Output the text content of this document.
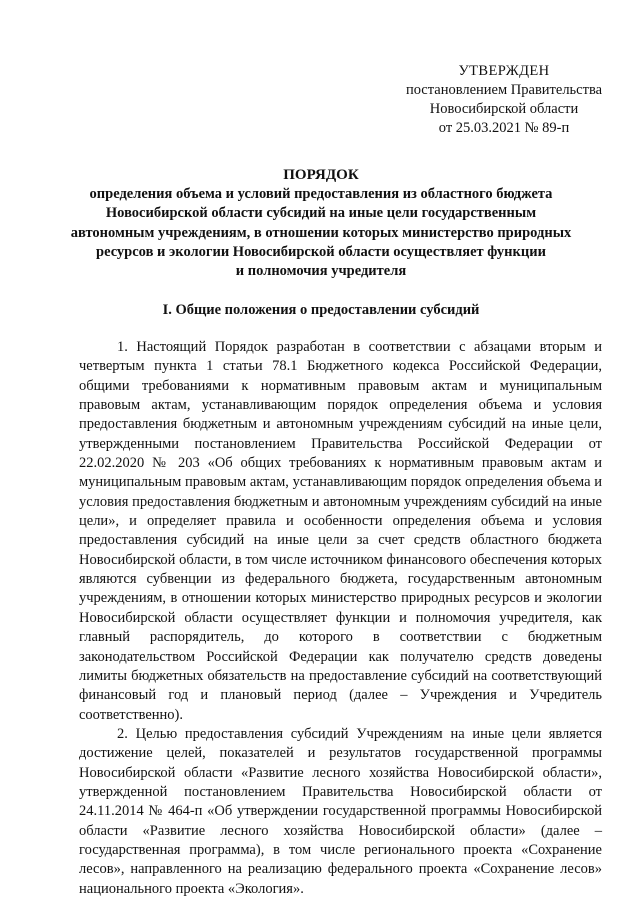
УТВЕРЖДЕН
постановлением Правительства
Новосибирской области
от 25.03.2021 № 89-п
ПОРЯДОК
определения объема и условий предоставления из областного бюджета
Новосибирской области субсидий на иные цели государственным
автономным учреждениям, в отношении которых министерство природных
ресурсов и экологии Новосибирской области осуществляет функции
и полномочия учредителя
I. Общие положения о предоставлении субсидий

1. Настоящий Порядок разработан в соответствии с абзацами вторым и четвертым пункта 1 статьи 78.1 Бюджетного кодекса Российской Федерации, общими требованиями к нормативным правовым актам и муниципальным правовым актам, устанавливающим порядок определения объема и условия предоставления бюджетным и автономным учреждениям субсидий на иные цели, утвержденными постановлением Правительства Российской Федерации от 22.02.2020 № 203 «Об общих требованиях к нормативным правовым актам и муниципальным правовым актам, устанавливающим порядок определения объема и условия предоставления бюджетным и автономным учреждениям субсидий на иные цели», и определяет правила и особенности определения объема и условия предоставления субсидий на иные цели за счет средств областного бюджета Новосибирской области, в том числе источником финансового обеспечения которых являются субвенции из федерального бюджета, государственным автономным учреждениям, в отношении которых министерство природных ресурсов и экологии Новосибирской области осуществляет функции и полномочия учредителя, как главный распорядитель, до которого в соответствии с бюджетным законодательством Российской Федерации как получателю средств доведены лимиты бюджетных обязательств на предоставление субсидий на соответствующий финансовый год и плановый период (далее – Учреждения и Учредитель соответственно).

2. Целью предоставления субсидий Учреждениям на иные цели является достижение целей, показателей и результатов государственной программы Новосибирской области «Развитие лесного хозяйства Новосибирской области», утвержденной постановлением Правительства Новосибирской области от 24.11.2014 № 464-п «Об утверждении государственной программы Новосибирской области «Развитие лесного хозяйства Новосибирской области» (далее – государственная программа), в том числе регионального проекта «Сохранение лесов», направленного на реализацию федерального проекта «Сохранение лесов» национального проекта «Экология».
